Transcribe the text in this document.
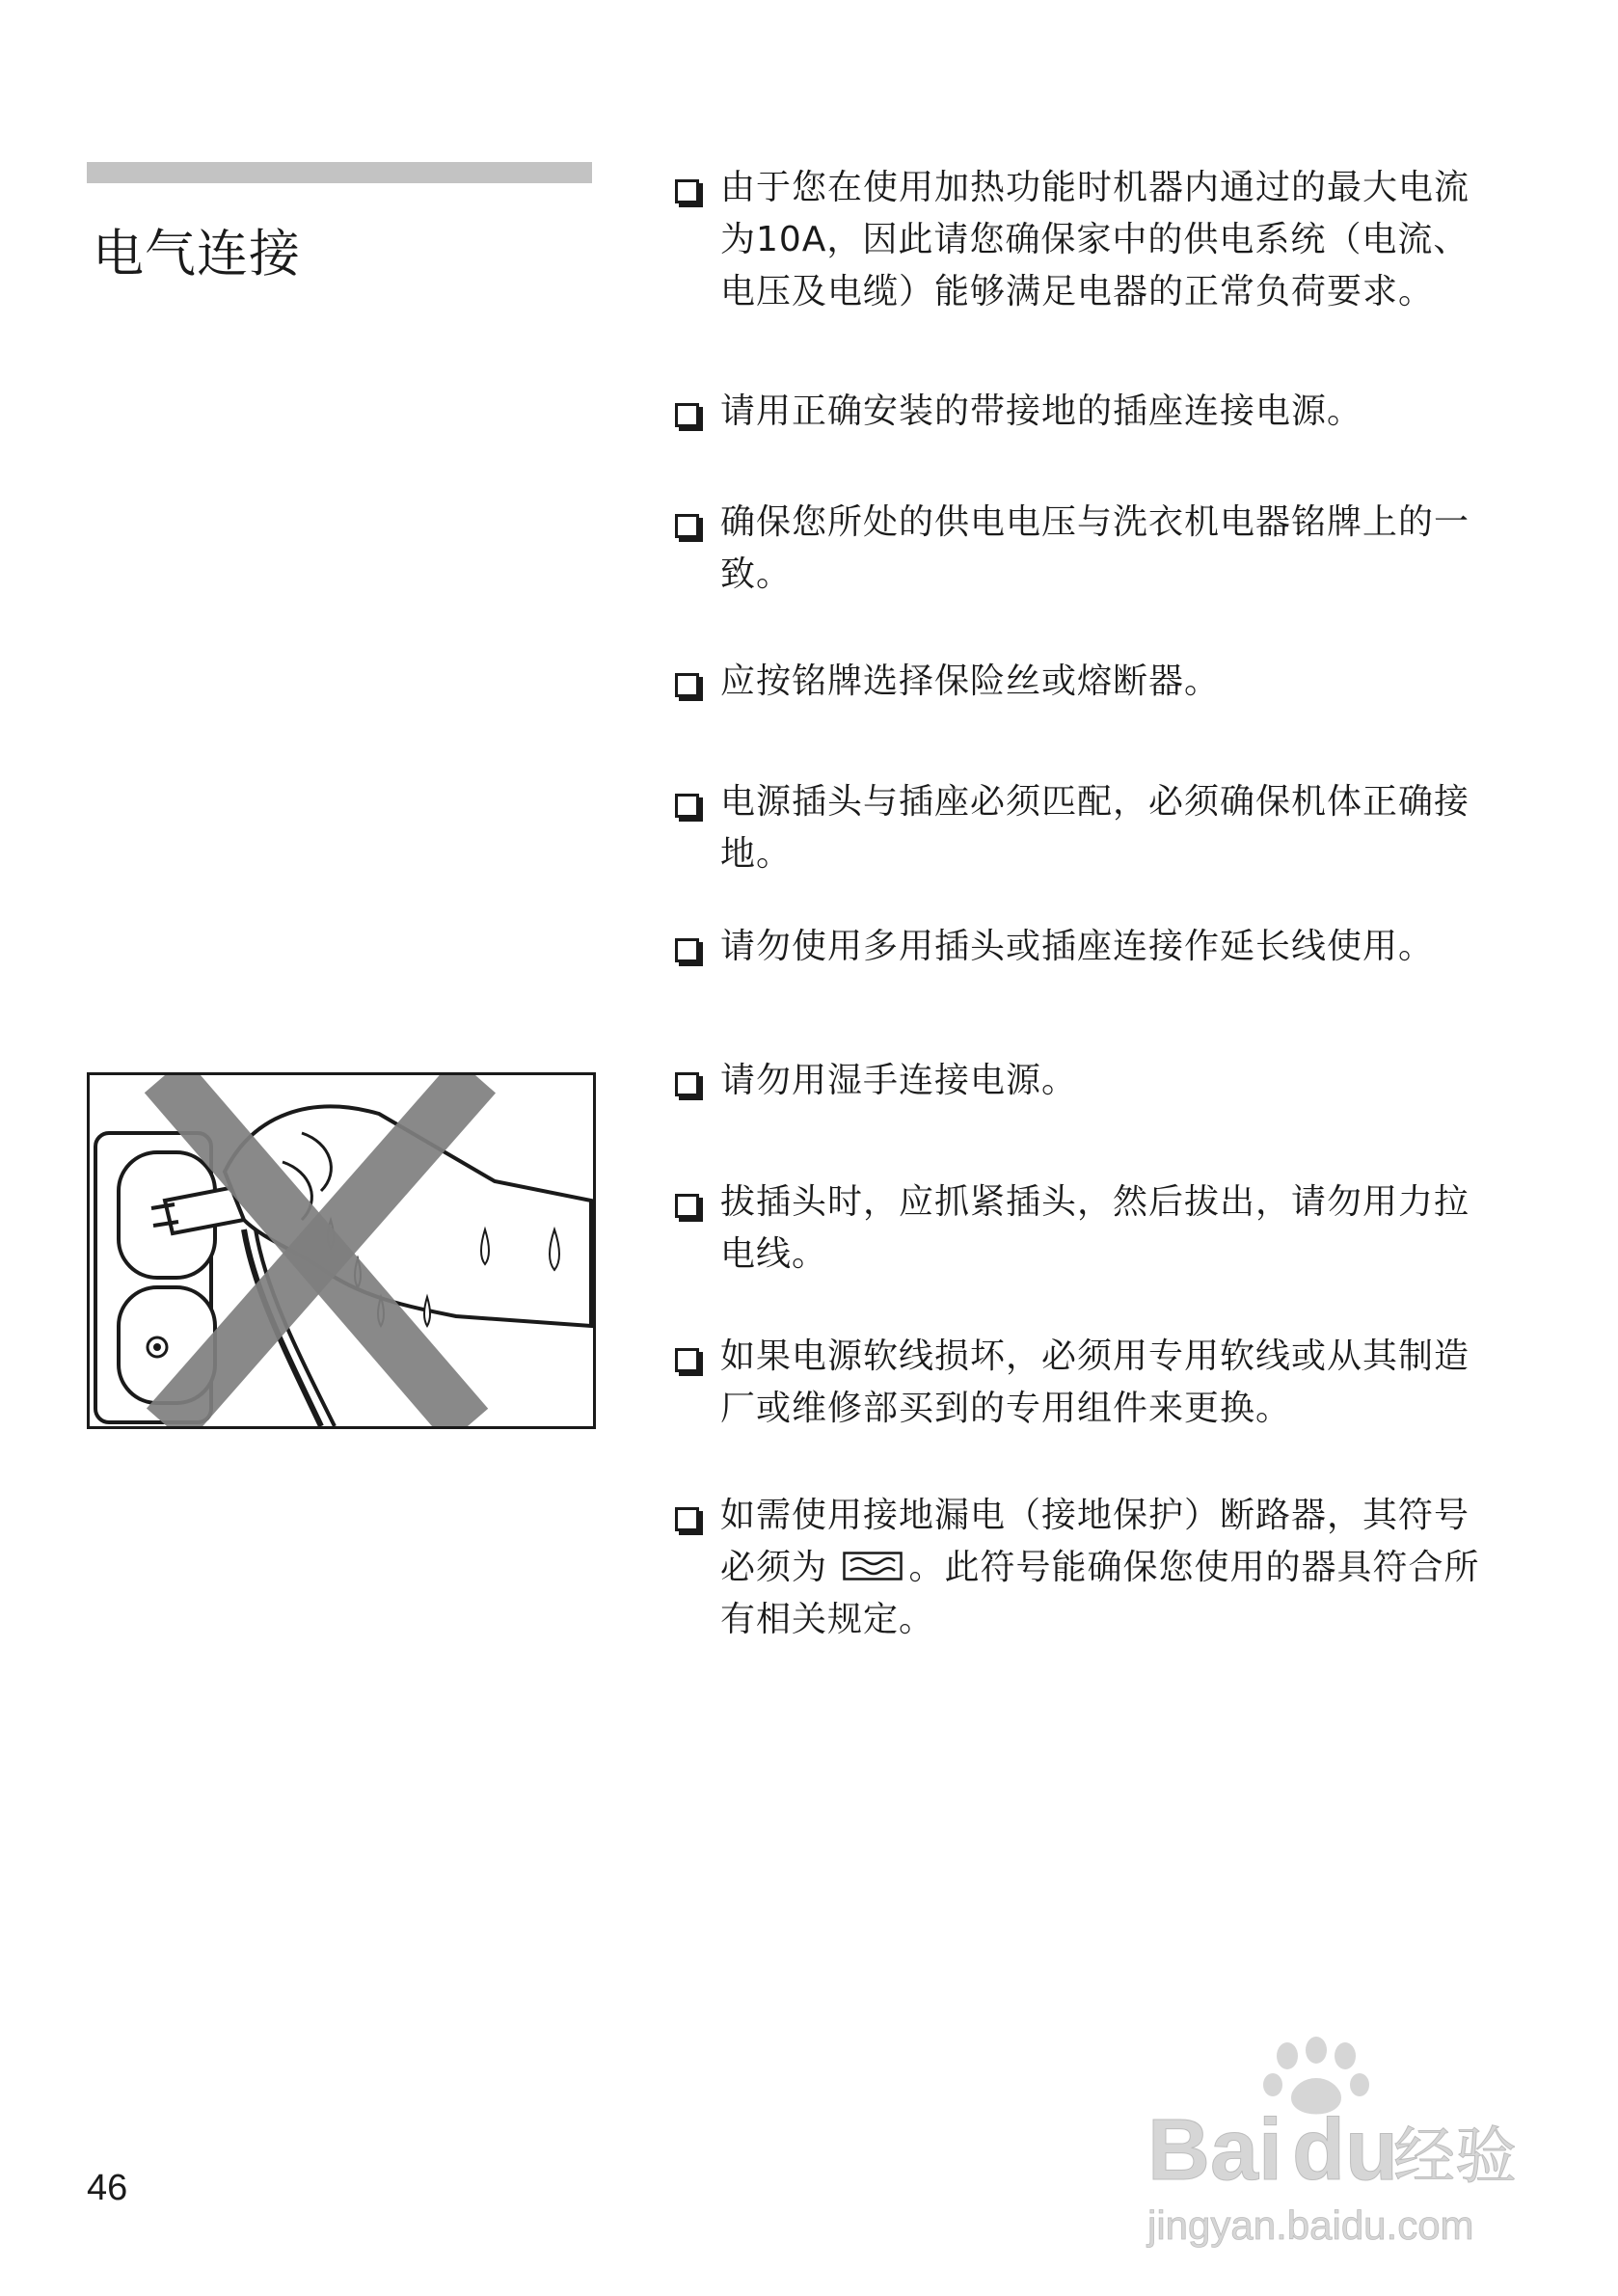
电气连接
由于您在使用加热功能时机器内通过的最大电流
为10A，因此请您确保家中的供电系统（电流、
电压及电缆）能够满足电器的正常负荷要求。
请用正确安装的带接地的插座连接电源。
确保您所处的供电电压与洗衣机电器铭牌上的一
致。
应按铭牌选择保险丝或熔断器。
电源插头与插座必须匹配，必须确保机体正确接
地。
请勿使用多用插头或插座连接作延长线使用。
请勿用湿手连接电源。
拔插头时，应抓紧插头，然后拔出，请勿用力拉
电线。
如果电源软线损坏，必须用专用软线或从其制造
厂或维修部买到的专用组件来更换。
如需使用接地漏电（接地保护）断路器，其符号
必须为 。此符号能确保您使用的器具符合所
有相关规定。
46	Bai du
经验
jingyan.baidu.com
